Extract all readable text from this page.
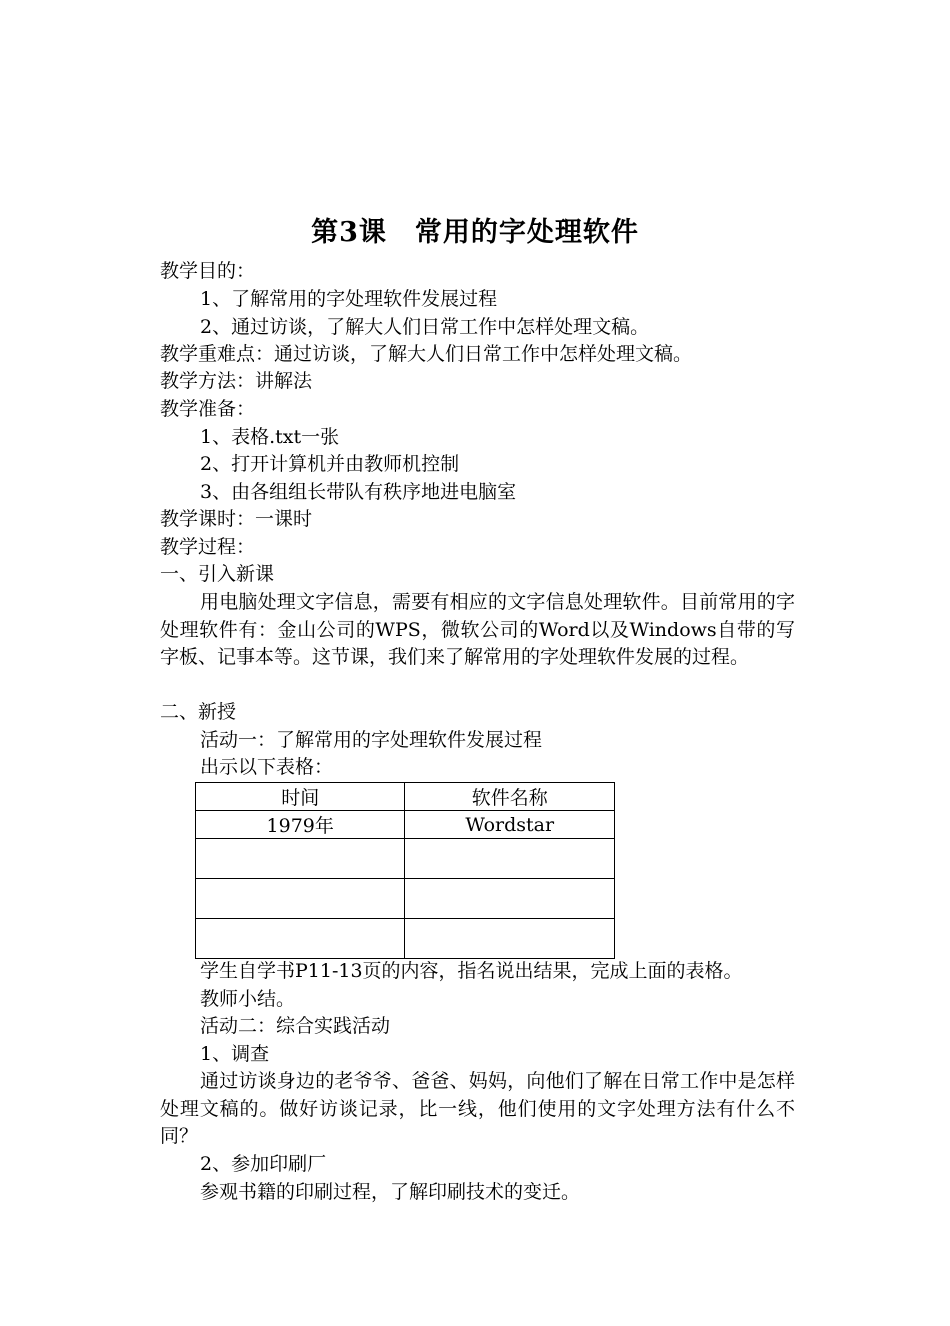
第3课　常用的字处理软件
教学目的：
1、了解常用的字处理软件发展过程
2、通过访谈，了解大人们日常工作中怎样处理文稿。
教学重难点：通过访谈，了解大人们日常工作中怎样处理文稿。
教学方法：讲解法
教学准备：
1、表格.txt一张
2、打开计算机并由教师机控制
3、由各组组长带队有秩序地进电脑室
教学课时：一课时
教学过程：
一、引入新课
用电脑处理文字信息，需要有相应的文字信息处理软件。目前常用的字处理软件有：金山公司的WPS，微软公司的Word以及Windows自带的写字板、记事本等。这节课，我们来了解常用的字处理软件发展的过程。
二、新授
活动一：了解常用的字处理软件发展过程
出示以下表格：
时间	软件名称
1979年	Wordstar

学生自学书P11-13页的内容，指名说出结果，完成上面的表格。
教师小结。
活动二：综合实践活动
1、调查
通过访谈身边的老爷爷、爸爸、妈妈，向他们了解在日常工作中是怎样处理文稿的。做好访谈记录，比一线，他们使用的文字处理方法有什么不同？
2、参加印刷厂
参观书籍的印刷过程，了解印刷技术的变迁。
